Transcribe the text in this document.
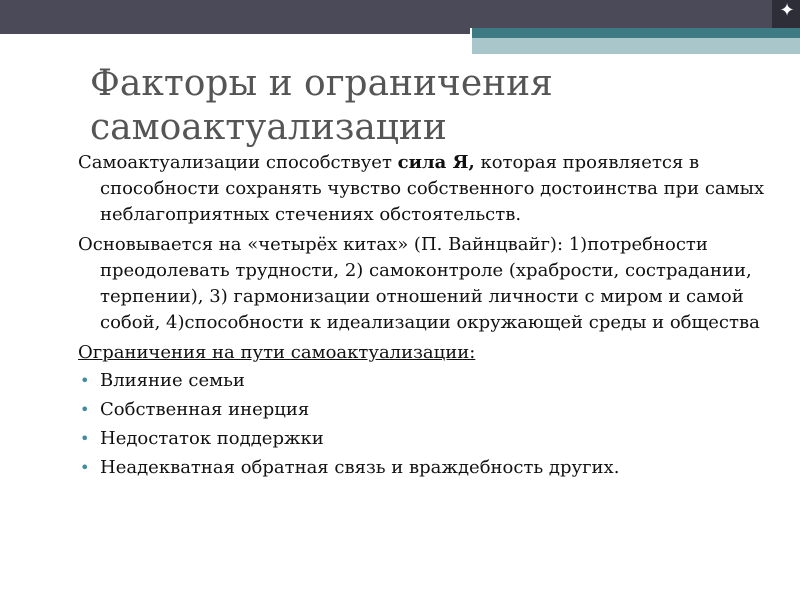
✦
Факторы и ограничения самоактуализации

Самоактуализации способствует сила Я, которая проявляется в способности сохранять чувство собственного достоинства при самых неблагоприятных стечениях обстоятельств.

Основывается на «четырёх китах» (П. Вайнцвайг): 1)потребности преодолевать трудности, 2) самоконтроле (храбрости, сострадании, терпении), 3) гармонизации отношений личности с миром и самой собой, 4)способности к идеализации окружающей среды и общества

Ограничения на пути самоактуализации:

• Влияние семьи
• Собственная инерция
• Недостаток поддержки
• Неадекватная обратная связь и враждебность других.
